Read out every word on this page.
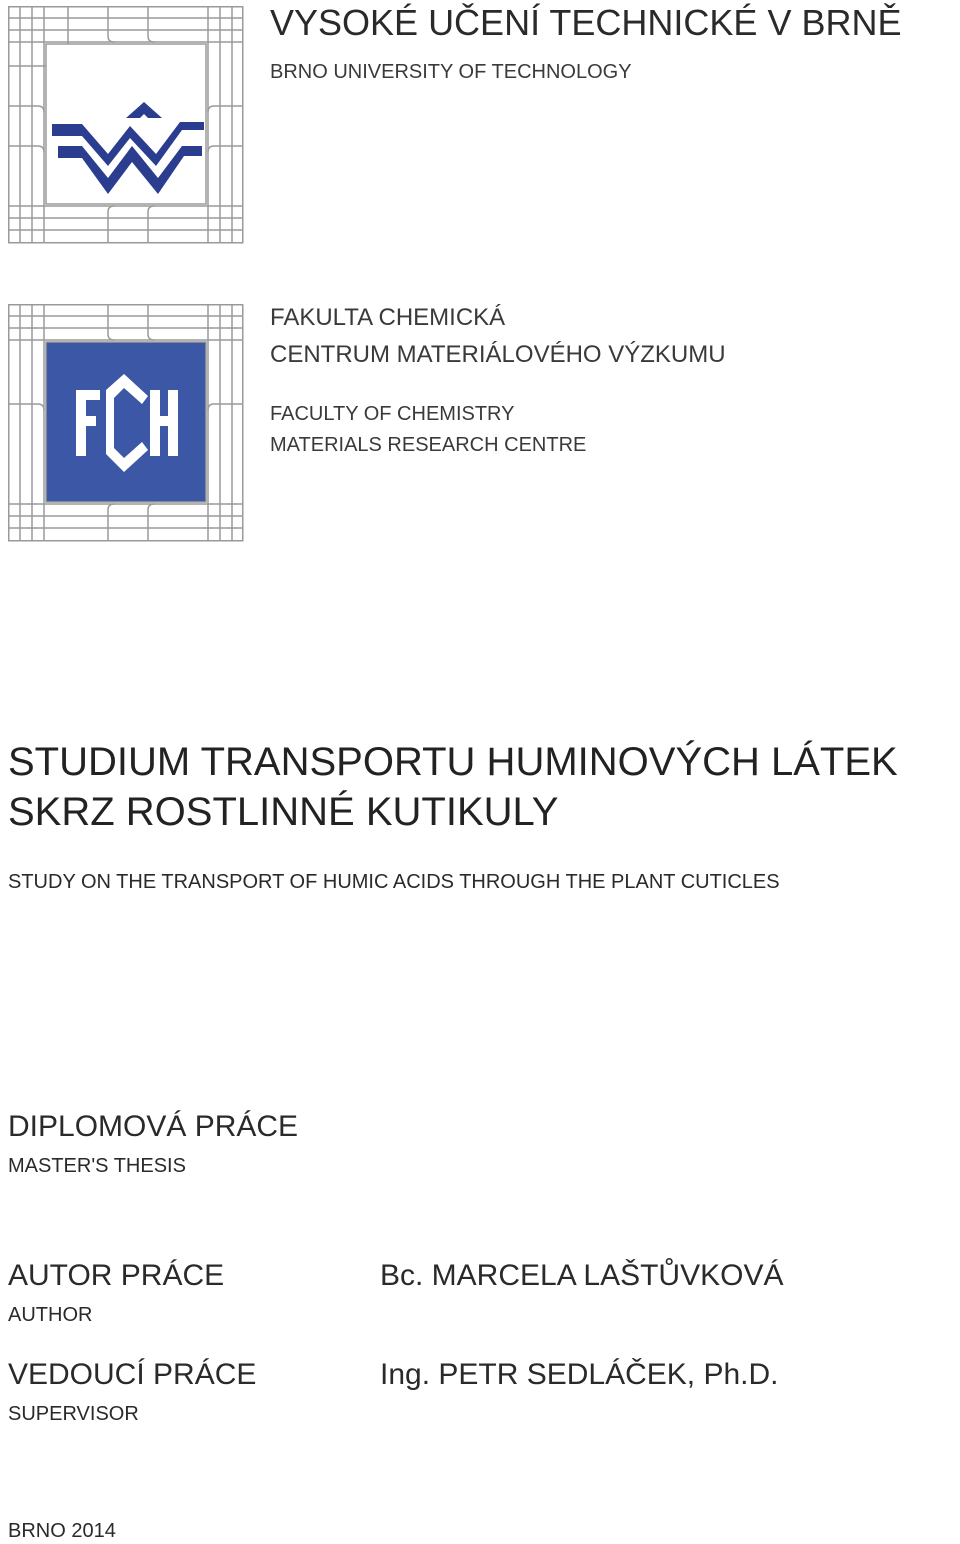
VYSOKÉ UČENÍ TECHNICKÉ V BRNĚ
BRNO UNIVERSITY OF TECHNOLOGY
FAKULTA CHEMICKÁ
CENTRUM MATERIÁLOVÉHO VÝZKUMU
FACULTY OF CHEMISTRY
MATERIALS RESEARCH CENTRE
STUDIUM TRANSPORTU HUMINOVÝCH LÁTEK
SKRZ ROSTLINNÉ KUTIKULY
STUDY ON THE TRANSPORT OF HUMIC ACIDS THROUGH THE PLANT CUTICLES
DIPLOMOVÁ PRÁCE
MASTER'S THESIS
AUTOR PRÁCE
AUTHOR
Bc. MARCELA LAŠTŮVKOVÁ
VEDOUCÍ PRÁCE
SUPERVISOR
Ing. PETR SEDLÁČEK, Ph.D.
BRNO 2014
